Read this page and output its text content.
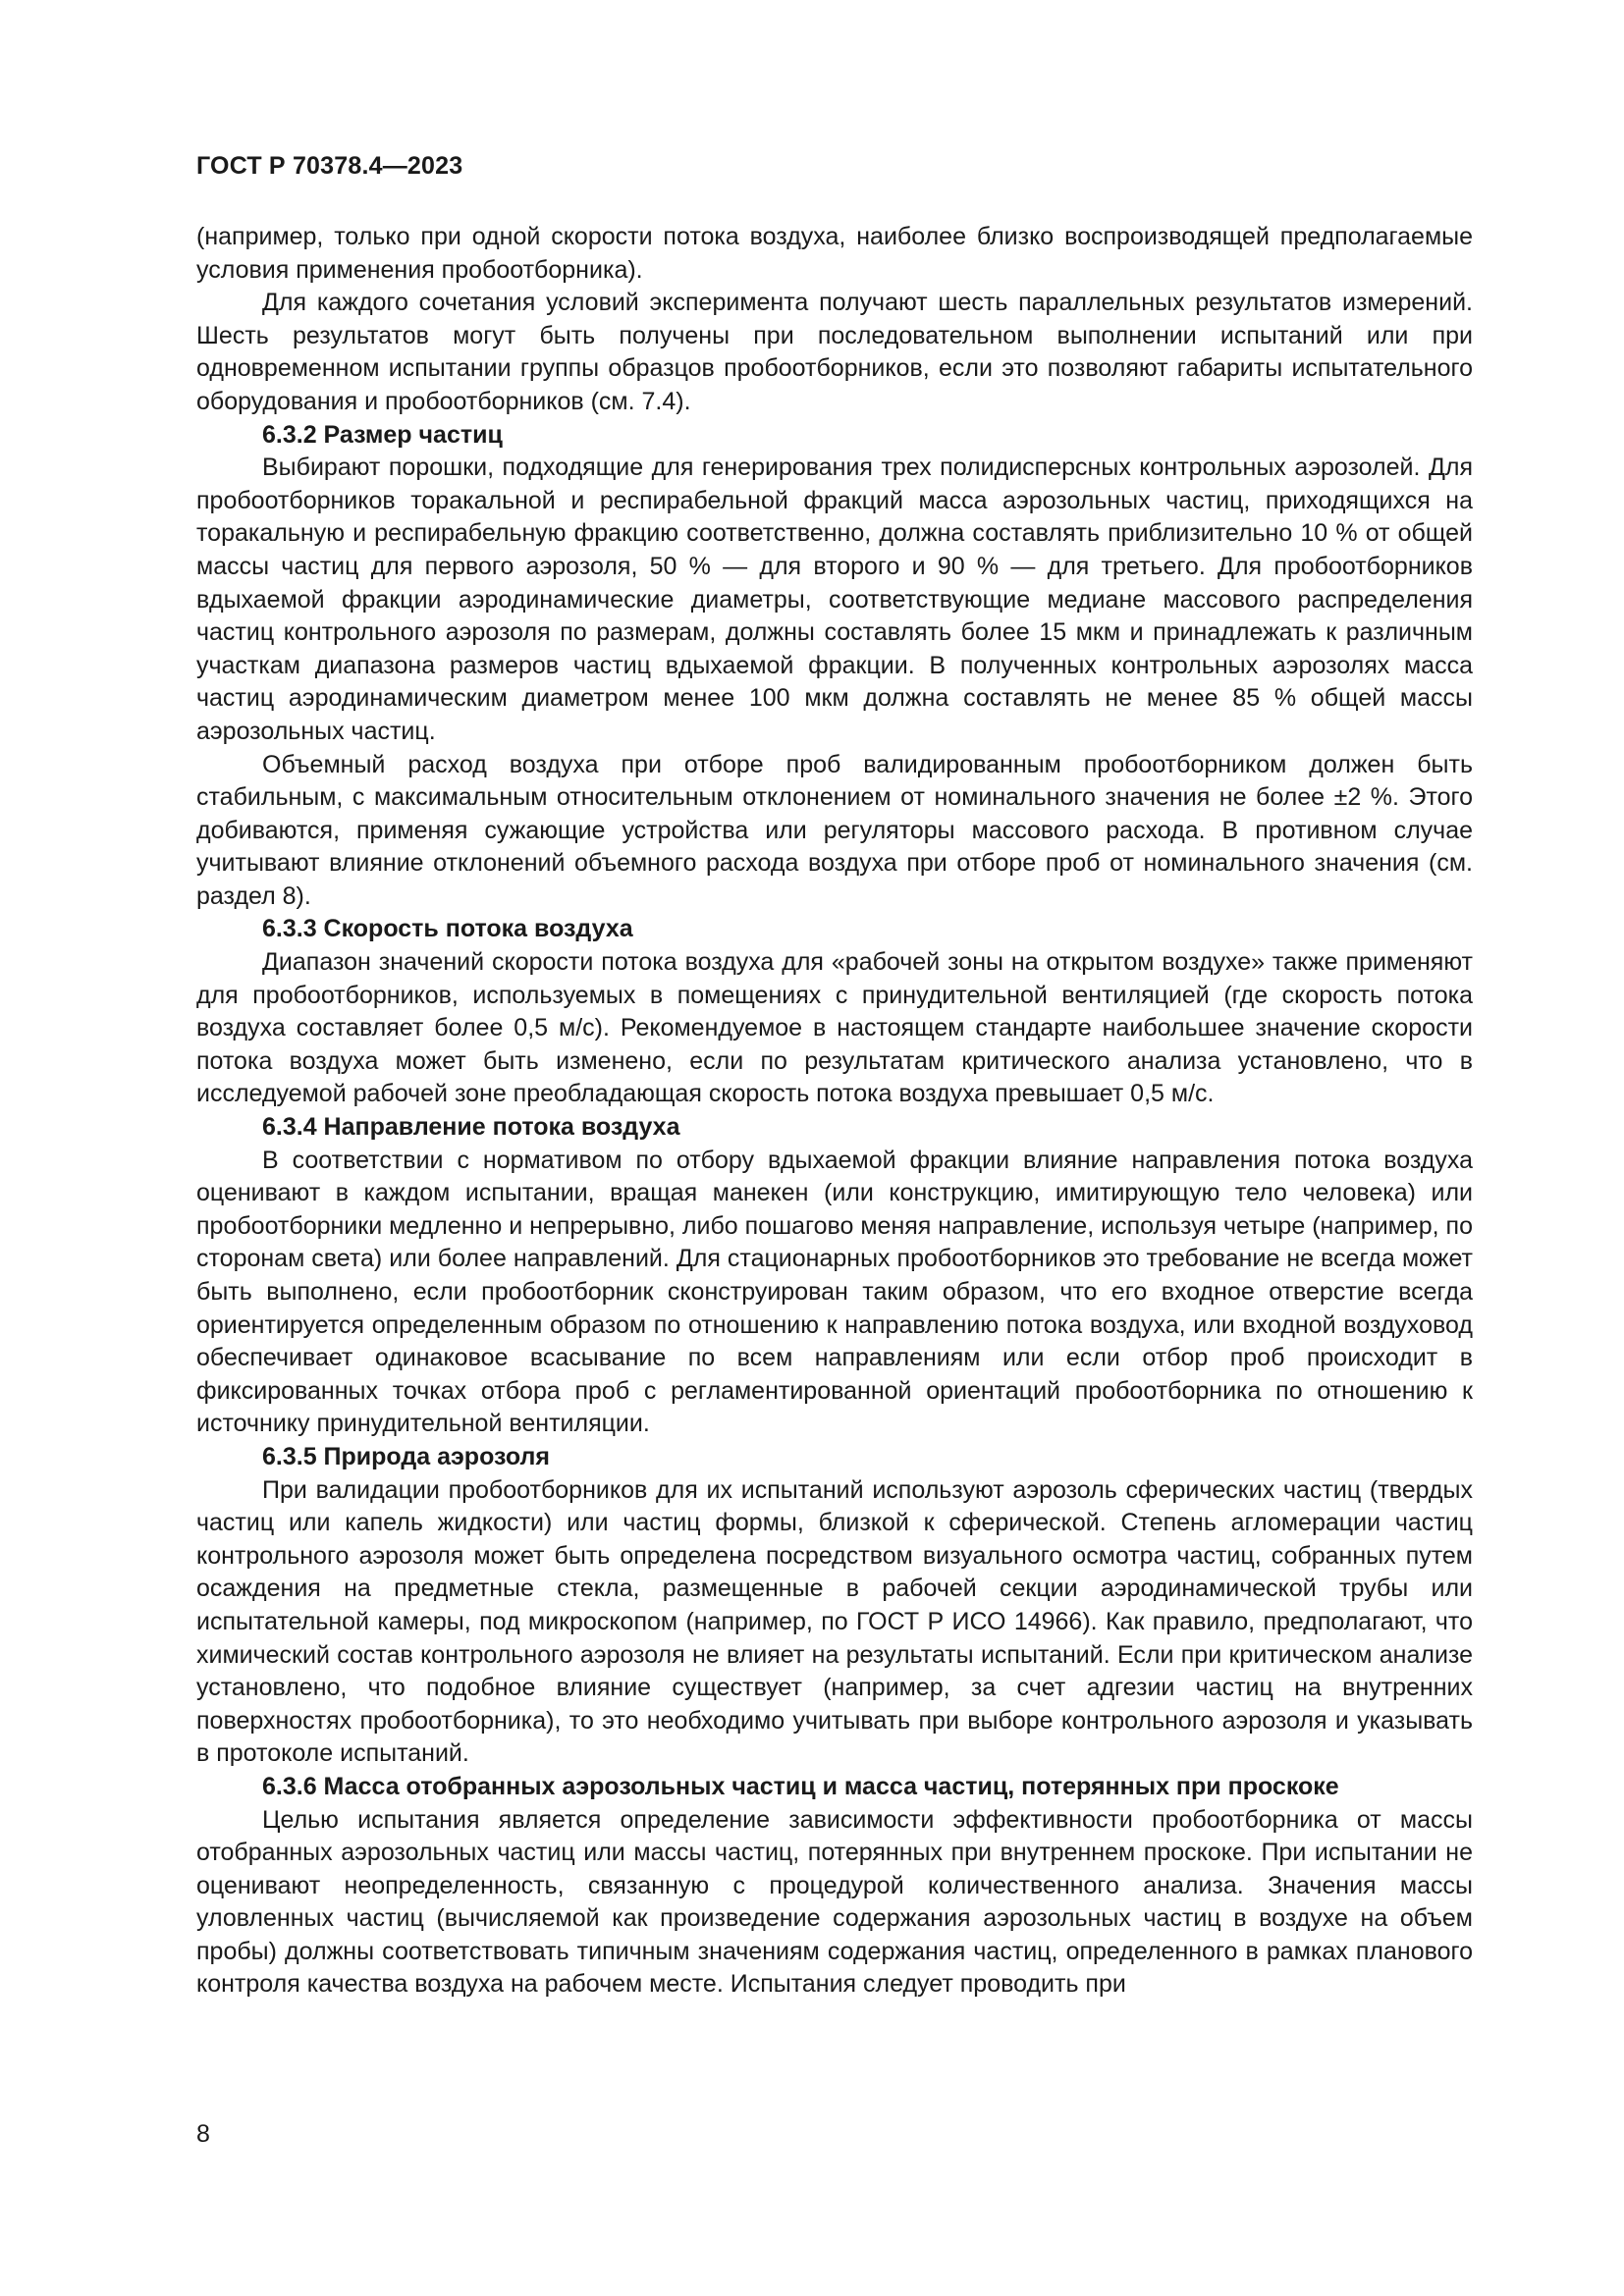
ГОСТ Р 70378.4—2023

(например, только при одной скорости потока воздуха, наиболее близко воспроизводящей предполагаемые условия применения пробоотборника).

Для каждого сочетания условий эксперимента получают шесть параллельных результатов измерений. Шесть результатов могут быть получены при последовательном выполнении испытаний или при одновременном испытании группы образцов пробоотборников, если это позволяют габариты испытательного оборудования и пробоотборников (см. 7.4).

6.3.2 Размер частиц

Выбирают порошки, подходящие для генерирования трех полидисперсных контрольных аэрозолей. Для пробоотборников торакальной и респирабельной фракций масса аэрозольных частиц, приходящихся на торакальную и респирабельную фракцию соответственно, должна составлять приблизительно 10 % от общей массы частиц для первого аэрозоля, 50 % — для второго и 90 % — для третьего. Для пробоотборников вдыхаемой фракции аэродинамические диаметры, соответствующие медиане массового распределения частиц контрольного аэрозоля по размерам, должны составлять более 15 мкм и принадлежать к различным участкам диапазона размеров частиц вдыхаемой фракции. В полученных контрольных аэрозолях масса частиц аэродинамическим диаметром менее 100 мкм должна составлять не менее 85 % общей массы аэрозольных частиц.

Объемный расход воздуха при отборе проб валидированным пробоотборником должен быть стабильным, с максимальным относительным отклонением от номинального значения не более ±2 %. Этого добиваются, применяя сужающие устройства или регуляторы массового расхода. В противном случае учитывают влияние отклонений объемного расхода воздуха при отборе проб от номинального значения (см. раздел 8).

6.3.3 Скорость потока воздуха

Диапазон значений скорости потока воздуха для «рабочей зоны на открытом воздухе» также применяют для пробоотборников, используемых в помещениях с принудительной вентиляцией (где скорость потока воздуха составляет более 0,5 м/с). Рекомендуемое в настоящем стандарте наибольшее значение скорости потока воздуха может быть изменено, если по результатам критического анализа установлено, что в исследуемой рабочей зоне преобладающая скорость потока воздуха превышает 0,5 м/с.

6.3.4 Направление потока воздуха

В соответствии с нормативом по отбору вдыхаемой фракции влияние направления потока воздуха оценивают в каждом испытании, вращая манекен (или конструкцию, имитирующую тело человека) или пробоотборники медленно и непрерывно, либо пошагово меняя направление, используя четыре (например, по сторонам света) или более направлений. Для стационарных пробоотборников это требование не всегда может быть выполнено, если пробоотборник сконструирован таким образом, что его входное отверстие всегда ориентируется определенным образом по отношению к направлению потока воздуха, или входной воздуховод обеспечивает одинаковое всасывание по всем направлениям или если отбор проб происходит в фиксированных точках отбора проб с регламентированной ориентаций пробоотборника по отношению к источнику принудительной вентиляции.

6.3.5 Природа аэрозоля

При валидации пробоотборников для их испытаний используют аэрозоль сферических частиц (твердых частиц или капель жидкости) или частиц формы, близкой к сферической. Степень агломерации частиц контрольного аэрозоля может быть определена посредством визуального осмотра частиц, собранных путем осаждения на предметные стекла, размещенные в рабочей секции аэродинамической трубы или испытательной камеры, под микроскопом (например, по ГОСТ Р ИСО 14966). Как правило, предполагают, что химический состав контрольного аэрозоля не влияет на результаты испытаний. Если при критическом анализе установлено, что подобное влияние существует (например, за счет адгезии частиц на внутренних поверхностях пробоотборника), то это необходимо учитывать при выборе контрольного аэрозоля и указывать в протоколе испытаний.

6.3.6 Масса отобранных аэрозольных частиц и масса частиц, потерянных при проскоке

Целью испытания является определение зависимости эффективности пробоотборника от массы отобранных аэрозольных частиц или массы частиц, потерянных при внутреннем проскоке. При испытании не оценивают неопределенность, связанную с процедурой количественного анализа. Значения массы уловленных частиц (вычисляемой как произведение содержания аэрозольных частиц в воздухе на объем пробы) должны соответствовать типичным значениям содержания частиц, определенного в рамках планового контроля качества воздуха на рабочем месте. Испытания следует проводить при

8
